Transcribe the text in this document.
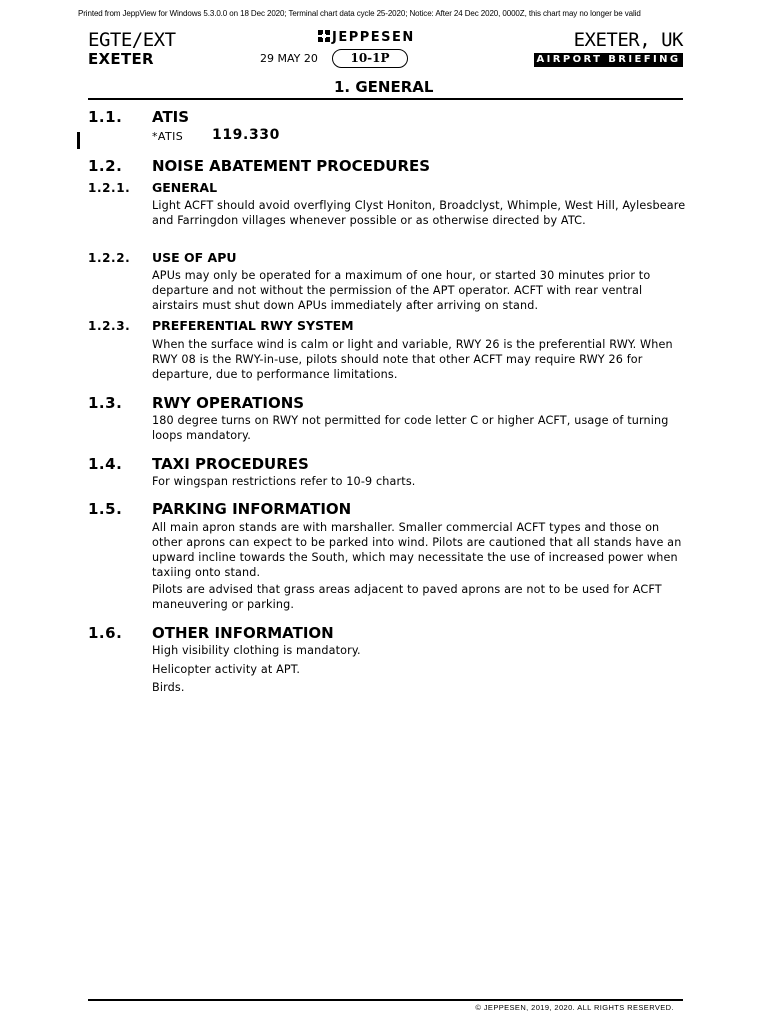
Printed from JeppView for Windows 5.3.0.0 on 18 Dec 2020; Terminal chart data cycle 25-2020; Notice: After 24 Dec 2020, 0000Z, this chart may no longer be valid
EGTE/EXT
EXETER
JEPPESEN
29 MAY 20	10-1P
EXETER, UK
AIRPORT BRIEFING
1. GENERAL
1.1. ATIS
*ATIS 119.330
1.2. NOISE ABATEMENT PROCEDURES
1.2.1. GENERAL
Light ACFT should avoid overflying Clyst Honiton, Broadclyst, Whimple, West Hill, Aylesbeare and Farringdon villages whenever possible or as otherwise directed by ATC.
1.2.2. USE OF APU
APUs may only be operated for a maximum of one hour, or started 30 minutes prior to departure and not without the permission of the APT operator. ACFT with rear ventral airstairs must shut down APUs immediately after arriving on stand.
1.2.3. PREFERENTIAL RWY SYSTEM
When the surface wind is calm or light and variable, RWY 26 is the preferential RWY. When RWY 08 is the RWY-in-use, pilots should note that other ACFT may require RWY 26 for departure, due to performance limitations.
1.3. RWY OPERATIONS
180 degree turns on RWY not permitted for code letter C or higher ACFT, usage of turning loops mandatory.
1.4. TAXI PROCEDURES
For wingspan restrictions refer to 10-9 charts.
1.5. PARKING INFORMATION
All main apron stands are with marshaller. Smaller commercial ACFT types and those on other aprons can expect to be parked into wind. Pilots are cautioned that all stands have an upward incline towards the South, which may necessitate the use of increased power when taxiing onto stand.
Pilots are advised that grass areas adjacent to paved aprons are not to be used for ACFT maneuvering or parking.
1.6. OTHER INFORMATION
High visibility clothing is mandatory.
Helicopter activity at APT.
Birds.
© JEPPESEN, 2019, 2020. ALL RIGHTS RESERVED.
